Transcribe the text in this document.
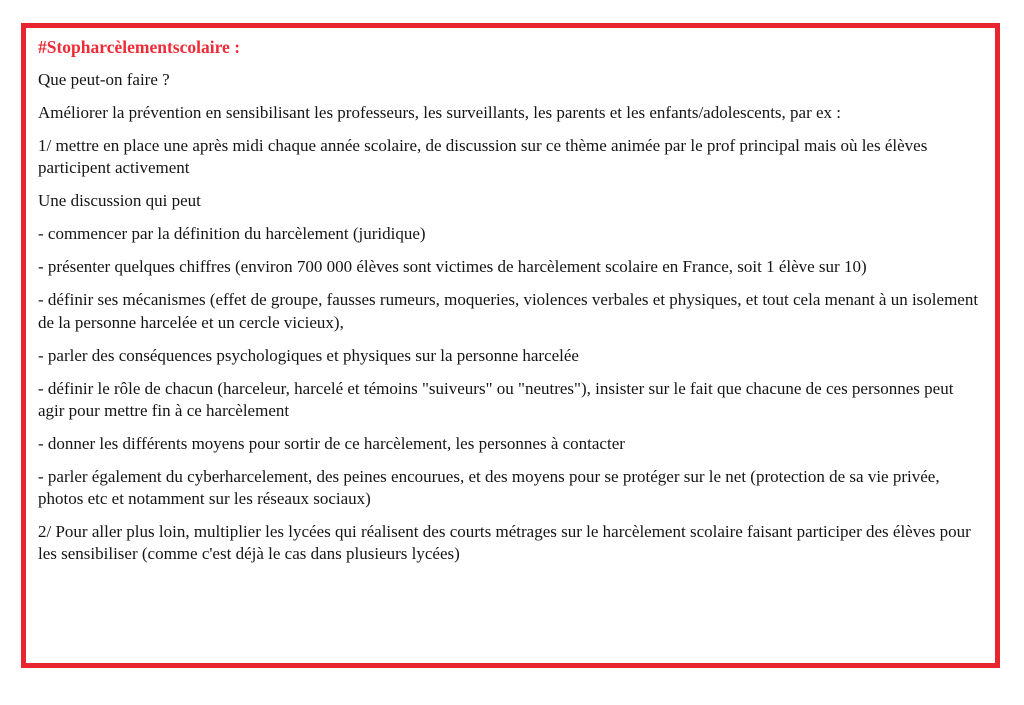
#Stopharcèlementscolaire :

Que peut-on faire ?

Améliorer la prévention en sensibilisant les professeurs, les surveillants, les parents et les enfants/adolescents, par ex :

1/ mettre en place une après midi chaque année scolaire, de discussion sur ce thème animée par le prof principal mais où les élèves participent activement

Une discussion qui peut

- commencer par la définition du harcèlement (juridique)

- présenter quelques chiffres (environ 700 000 élèves sont victimes de harcèlement scolaire en France, soit 1 élève sur 10)

- définir ses mécanismes (effet de groupe, fausses rumeurs, moqueries, violences verbales et physiques, et tout cela menant à un isolement de la personne harcelée et un cercle vicieux),

- parler des conséquences psychologiques et physiques sur la personne harcelée

- définir le rôle de chacun (harceleur, harcelé et témoins "suiveurs" ou "neutres"), insister sur le fait que chacune de ces personnes peut agir pour mettre fin à ce harcèlement

- donner les différents moyens pour sortir de ce harcèlement, les personnes à contacter

- parler également du cyberharcelement, des peines encourues, et des moyens pour se protéger sur le net (protection de sa vie privée, photos etc et notamment sur les réseaux sociaux)

2/ Pour aller plus loin, multiplier les lycées qui réalisent des courts métrages sur le harcèlement scolaire faisant participer des élèves pour les sensibiliser (comme c'est déjà le cas dans plusieurs lycées)
